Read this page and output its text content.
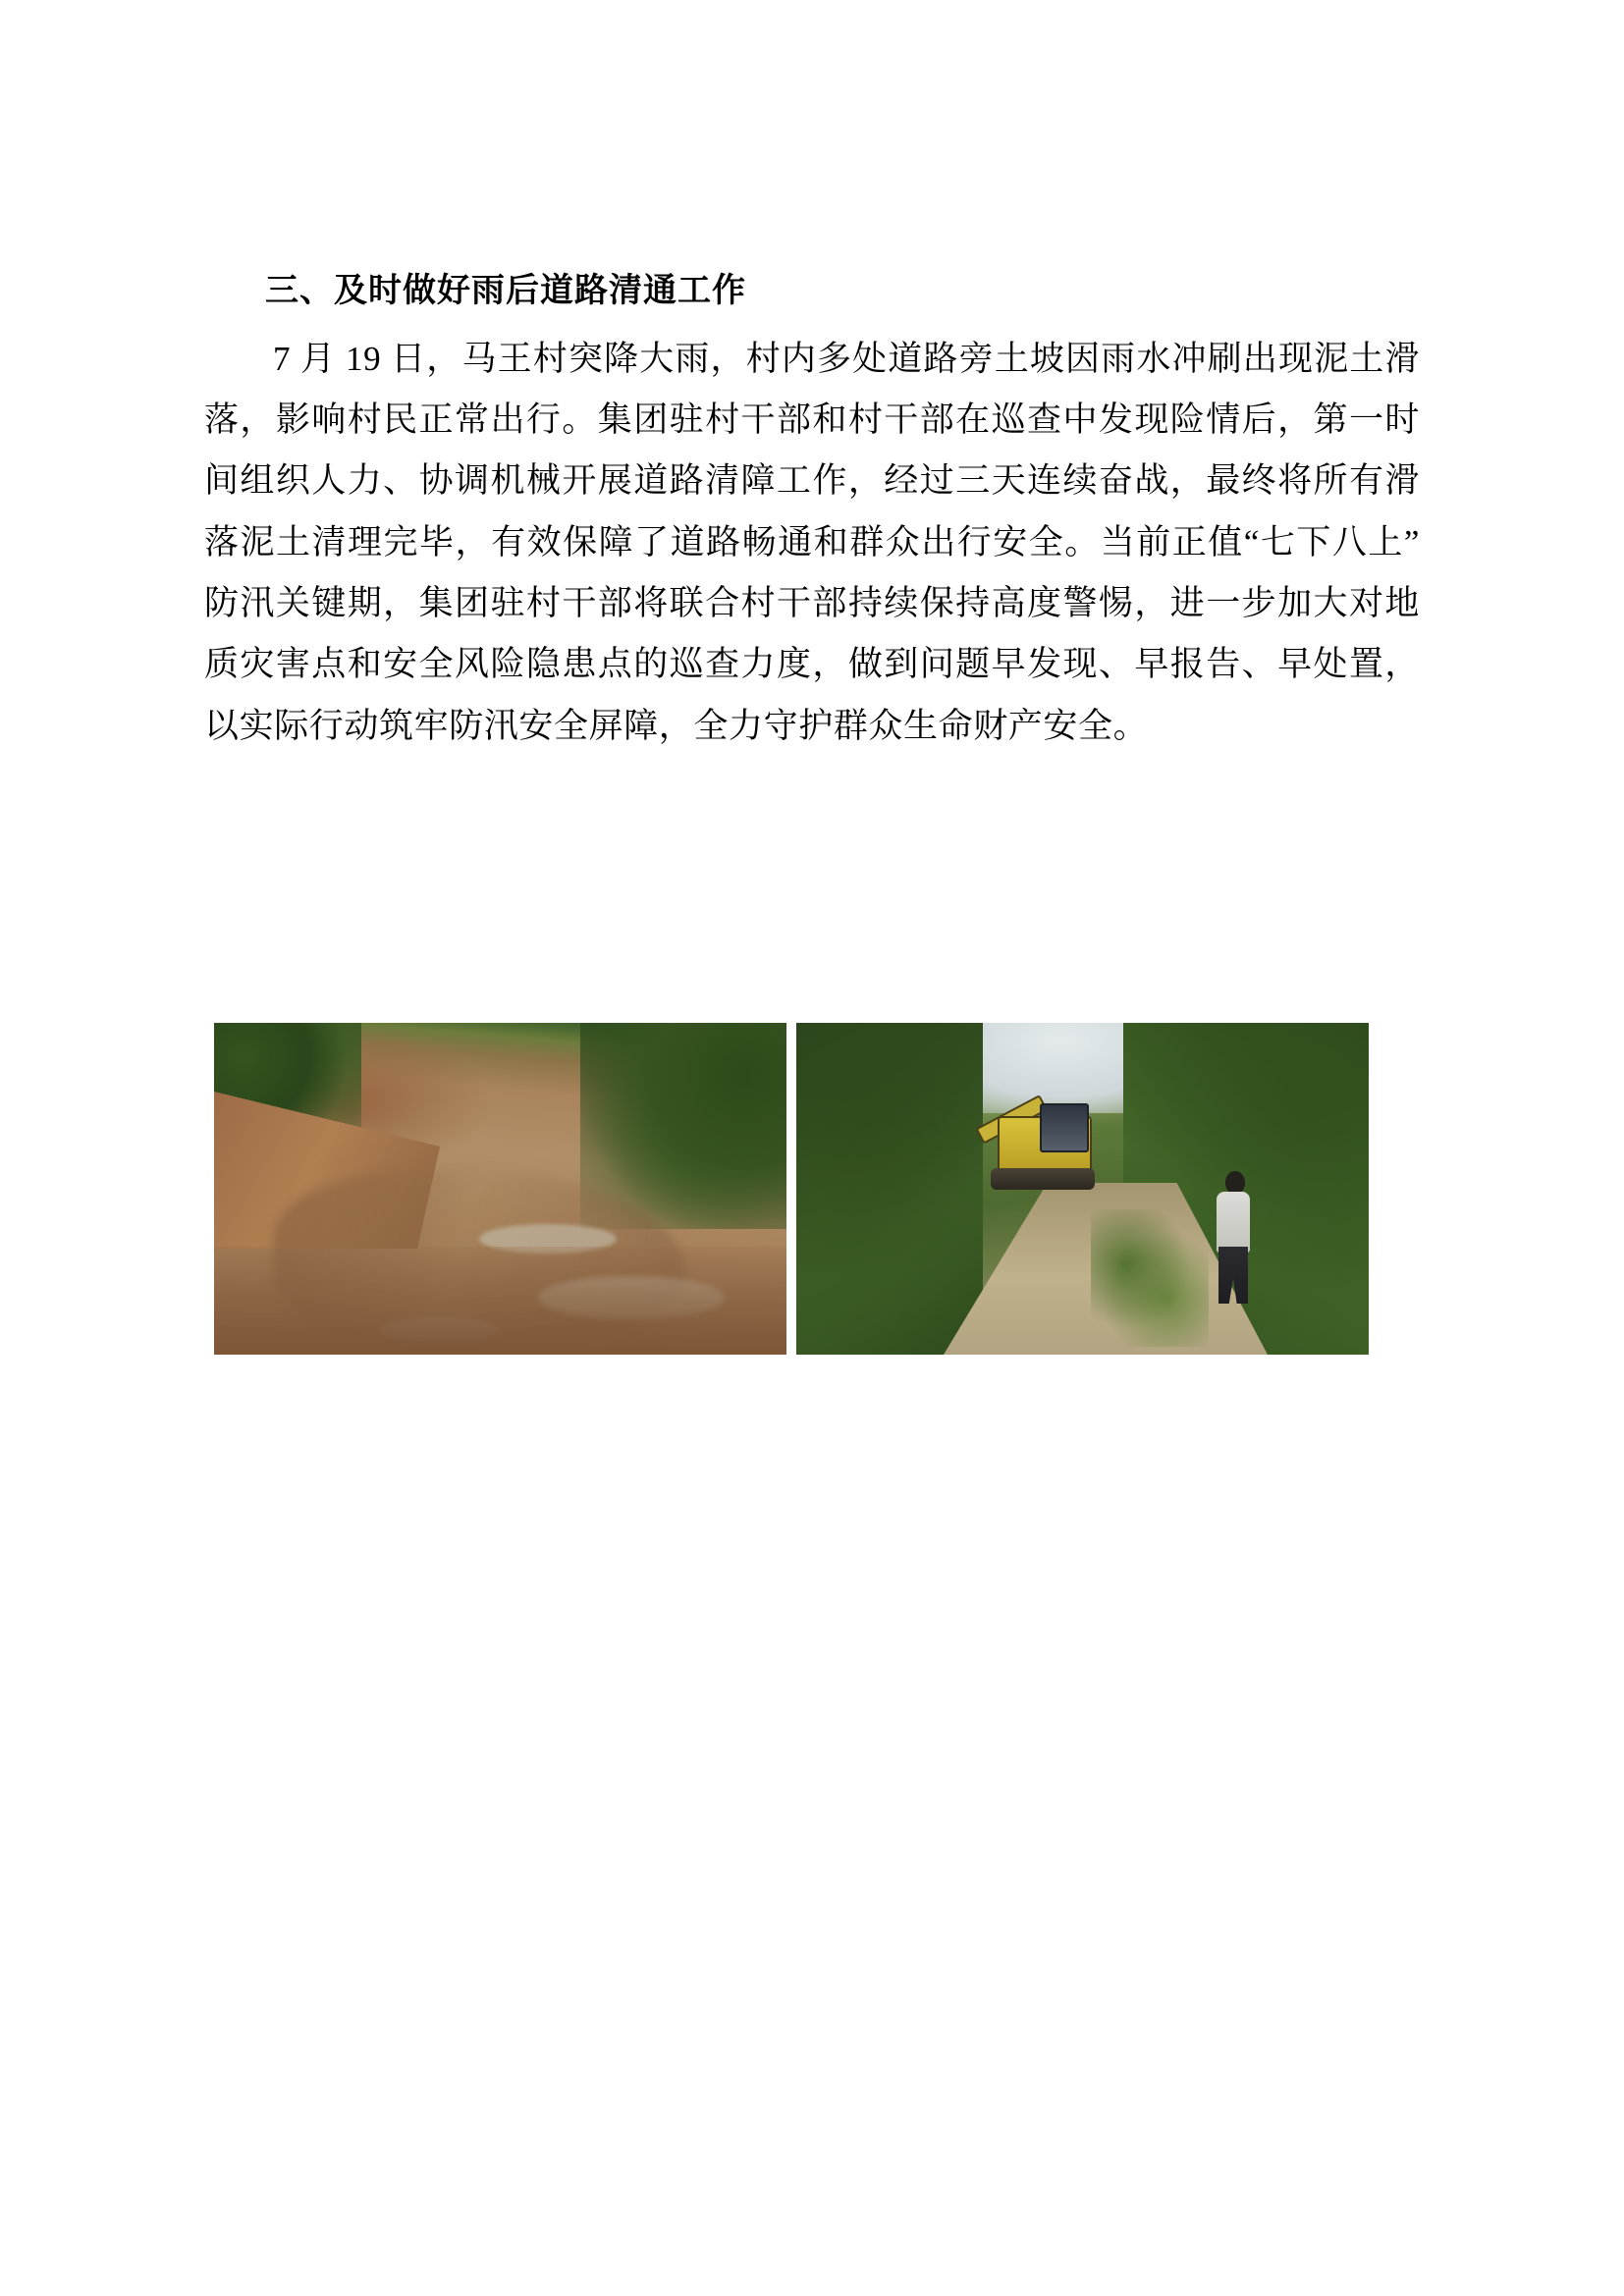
三、及时做好雨后道路清通工作

7 月 19 日，马王村突降大雨，村内多处道路旁土坡因雨水冲刷出现泥土滑落，影响村民正常出行。集团驻村干部和村干部在巡查中发现险情后，第一时间组织人力、协调机械开展道路清障工作，经过三天连续奋战，最终将所有滑落泥土清理完毕，有效保障了道路畅通和群众出行安全。当前正值“七下八上”防汛关键期，集团驻村干部将联合村干部持续保持高度警惕，进一步加大对地质灾害点和安全风险隐患点的巡查力度，做到问题早发现、早报告、早处置，以实际行动筑牢防汛安全屏障，全力守护群众生命财产安全。
